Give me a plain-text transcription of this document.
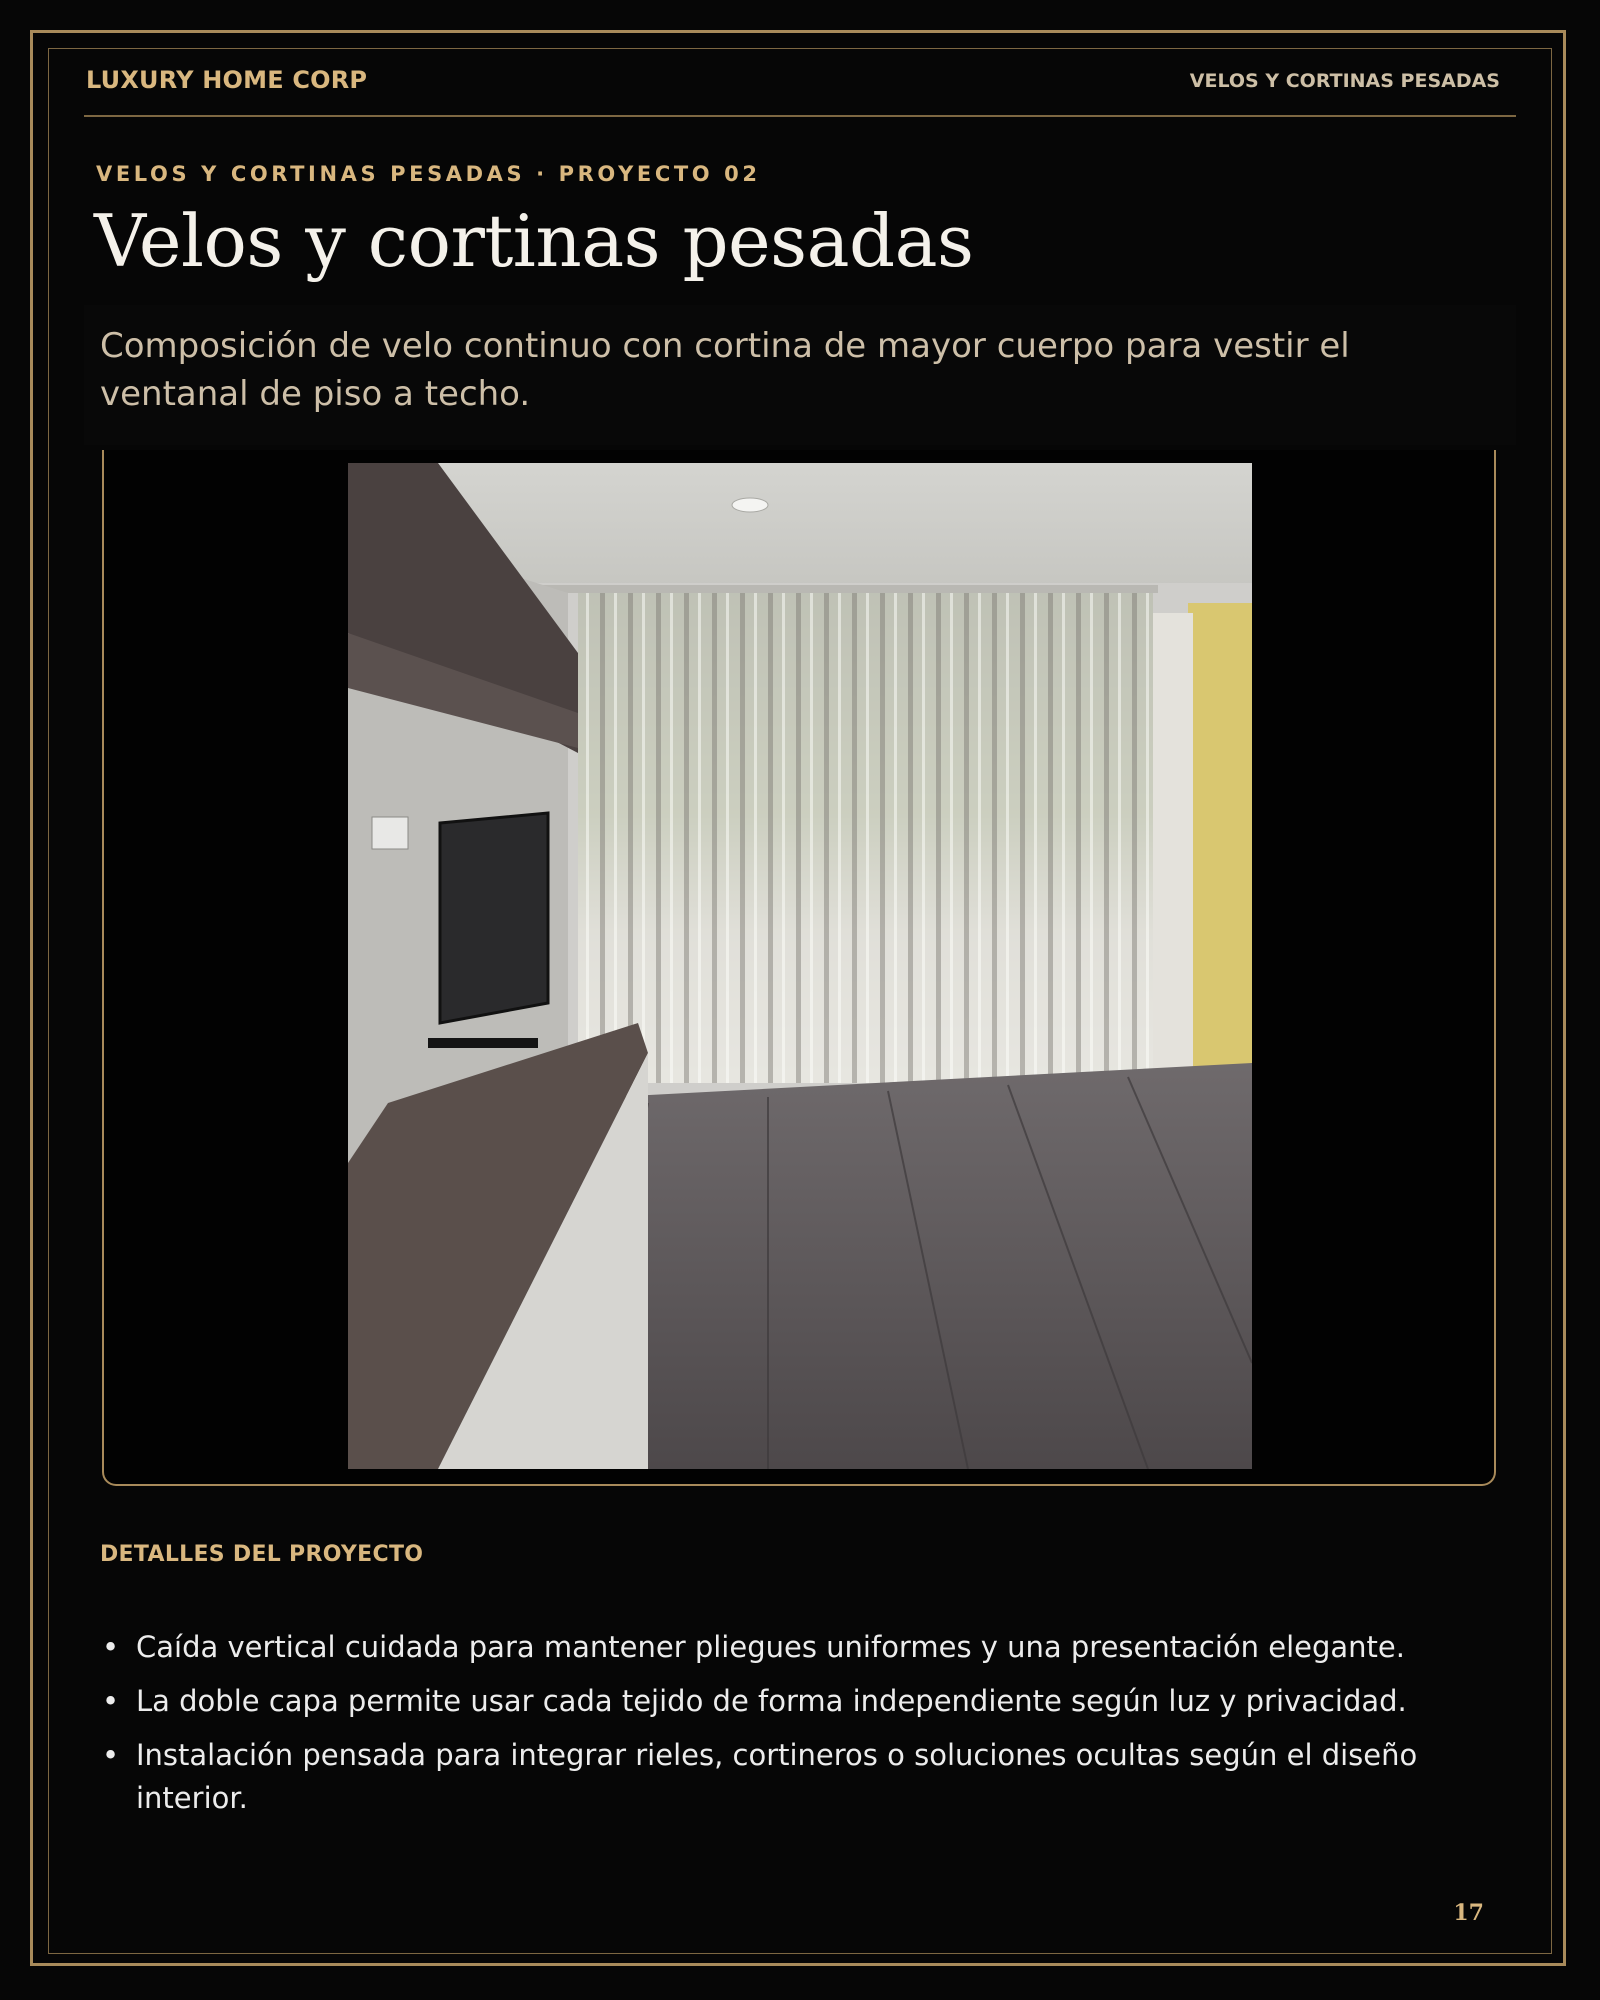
LUXURY HOME CORP	VELOS Y CORTINAS PESADAS
VELOS Y CORTINAS PESADAS · PROYECTO 02
Velos y cortinas pesadas
Composición de velo continuo con cortina de mayor cuerpo para vestir el ventanal de piso a techo.
DETALLES DEL PROYECTO
• Caída vertical cuidada para mantener pliegues uniformes y una presentación elegante.
• La doble capa permite usar cada tejido de forma independiente según luz y privacidad.
• Instalación pensada para integrar rieles, cortineros o soluciones ocultas según el diseño interior.
17
